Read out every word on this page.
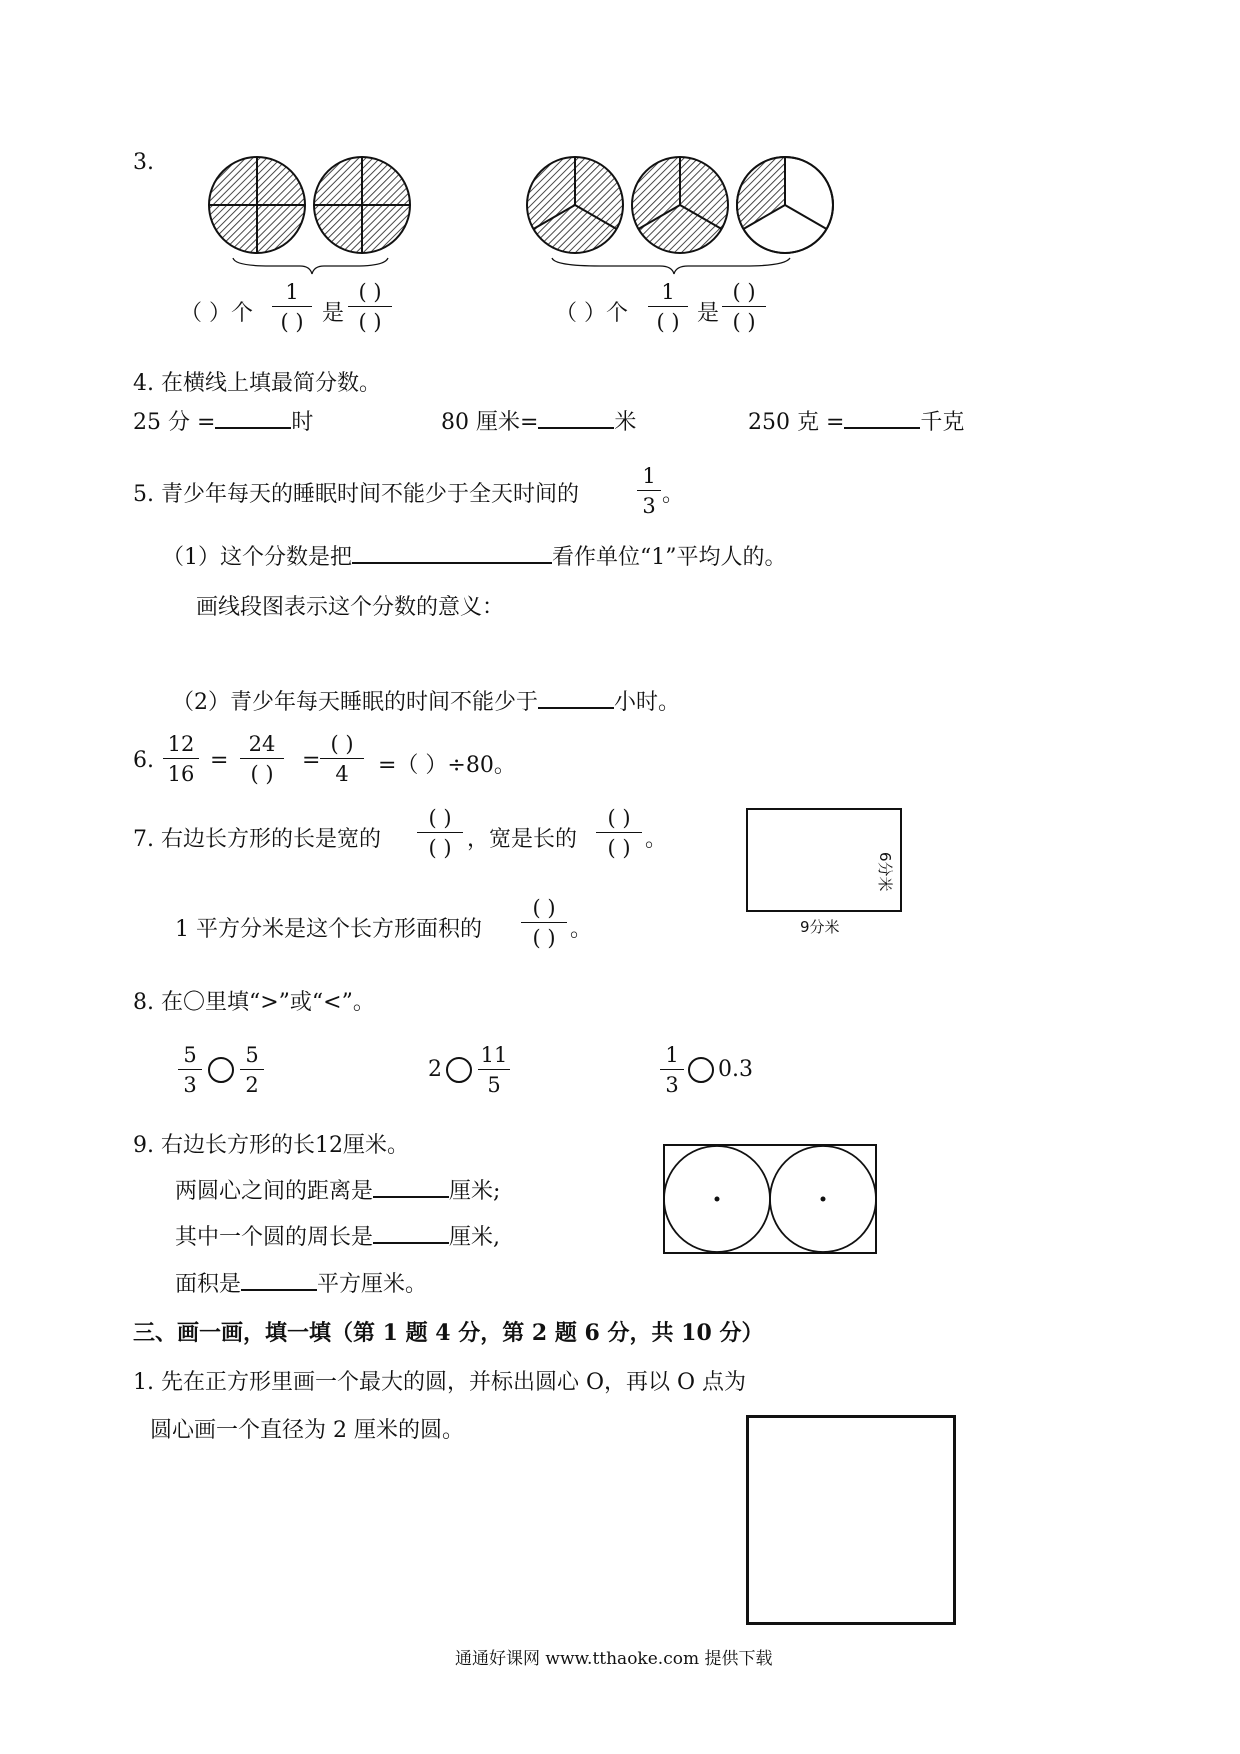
3.
（ ）个
1
( ) 是
( )
( )	（ ）个
1
( ) 是
( )
( )
4. 在横线上填最简分数。
25 分 =	时	80 厘米=	米	250 克 =	千克
5. 青少年每天的睡眠时间不能少于全天时间的	$\frac{1}{3}$ 。
（1）这个分数是把	看作单位“1”平均人的。
画线段图表示这个分数的意义：
（2）青少年每天睡眠的时间不能少于	小时。
6. $\frac{12}{16}$ =
24
( )
=
( )
4	=（ ）÷80。
7. 右边长方形的长是宽的
( )
( ) ，宽是长的
( )
( ) 。
1 平方分米是这个长方形面积的
( )
( ) 。	9分米
6分米
8. 在〇里填“>”或“<”。
$\frac{5}{3} \frac{5}{2}$	$2 \frac{11}{5}$	$\frac{1}{3} 0.3$
9. 右边长方形的长12厘米。
两圆心之间的距离是	厘米;
其中一个圆的周长是	厘米,
面积是	平方厘米。
三、画一画，填一填（第 1 题 4 分，第 2 题 6 分，共 10 分）
1. 先在正方形里画一个最大的圆，并标出圆心 O，再以 O 点为
圆心画一个直径为 2 厘米的圆。
通通好课网 www.tthaoke.com 提供下载
